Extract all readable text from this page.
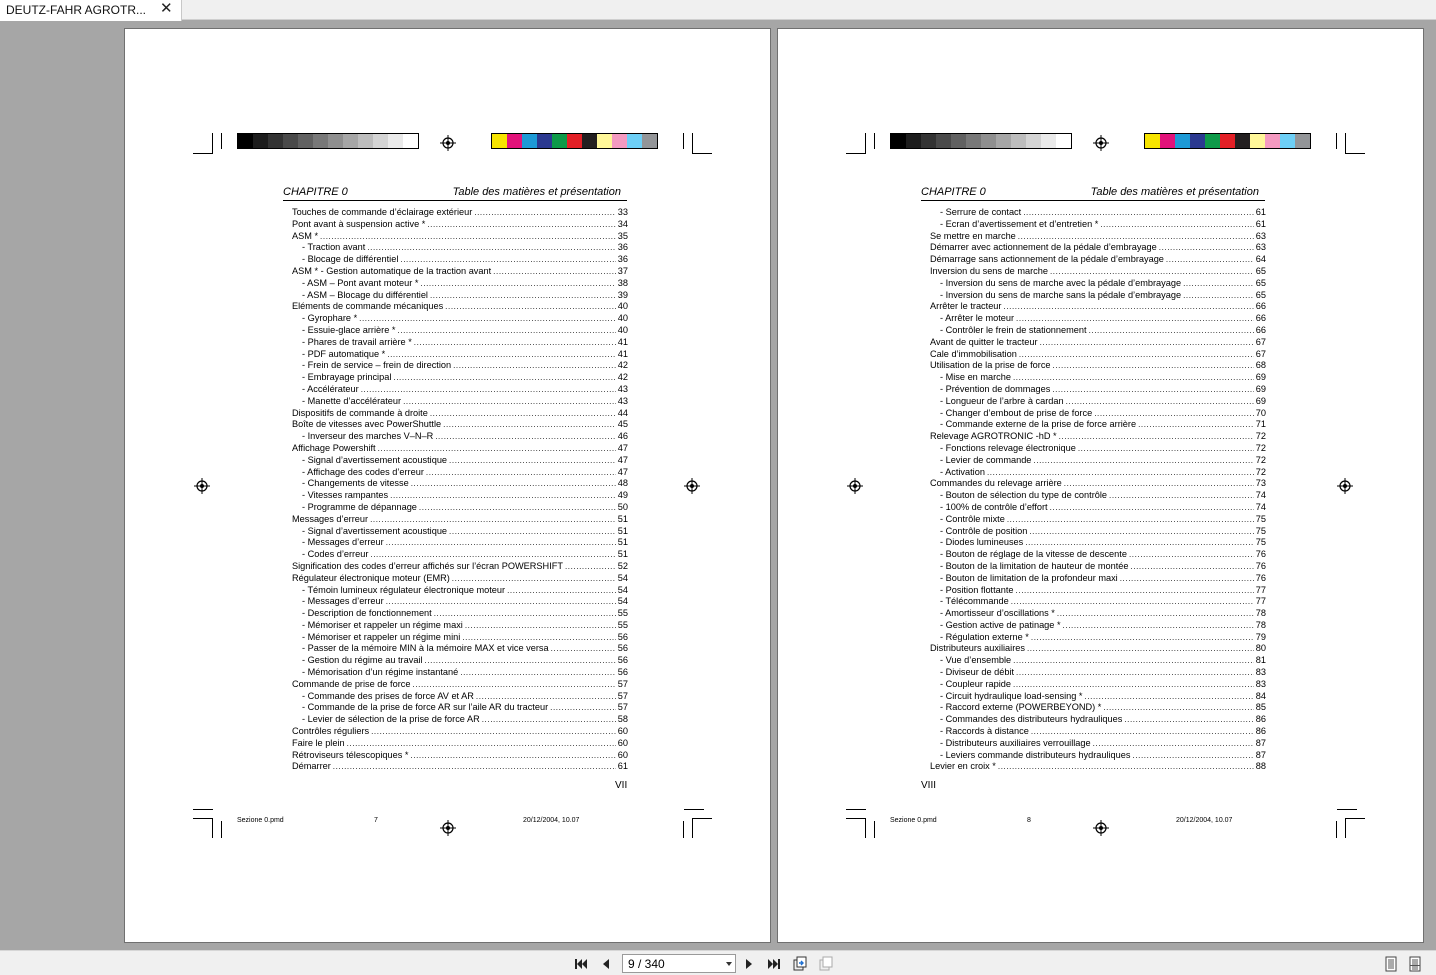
DEUTZ-FAHR AGROTR... ✕
CHAPITRE 0	Table des matières et présentation
Touches de commande d’éclairage extérieur .....	33
Pont avant à suspension active * .....	34
ASM * .....	35
- Traction avant .....	36
- Blocage de différentiel .....	36
ASM * - Gestion automatique de la traction avant .....	37
- ASM – Pont avant moteur * .....	38
- ASM – Blocage du différentiel .....	39
Eléments de commande mécaniques .....	40
- Gyrophare * .....	40
- Essuie-glace arrière * .....	40
- Phares de travail arrière * .....	41
- PDF automatique * .....	41
- Frein de service – frein de direction .....	42
- Embrayage principal .....	42
- Accélérateur .....	43
- Manette d’accélérateur .....	43
Dispositifs de commande à droite .....	44
Boîte de vitesses avec PowerShuttle .....	45
- Inverseur des marches V–N–R .....	46
Affichage Powershift .....	47
- Signal d’avertissement acoustique .....	47
- Affichage des codes d’erreur .....	47
- Changements de vitesse .....	48
- Vitesses rampantes .....	49
- Programme de dépannage .....	50
Messages d’erreur .....	51
- Signal d’avertissement acoustique .....	51
- Messages d’erreur .....	51
- Codes d’erreur .....	51
Signification des codes d’erreur affichés sur l’écran POWERSHIFT .....	52
Régulateur électronique moteur (EMR) .....	54
- Témoin lumineux régulateur électronique moteur .....	54
- Messages d’erreur .....	54
- Description de fonctionnement .....	55
- Mémoriser et rappeler un régime maxi .....	55
- Mémoriser et rappeler un régime mini .....	56
- Passer de la mémoire MIN à la mémoire MAX et vice versa .....	56
- Gestion du régime au travail .....	56
- Mémorisation d’un régime instantané .....	56
Commande de prise de force .....	57
- Commande des prises de force AV et AR .....	57
- Commande de la prise de force AR sur l’aile AR du tracteur .....	57
- Levier de sélection de la prise de force AR .....	58
Contrôles réguliers .....	60
Faire le plein .....	60
Rétroviseurs télescopiques * .....	60
Démarrer .....	61
VII
Sezione 0.pmd	7	20/12/2004, 10.07
CHAPITRE 0	Table des matières et présentation
- Serrure de contact .....	61
- Ecran d’avertissement et d’entretien * .....	61
Se mettre en marche .....	63
Démarrer avec actionnement de la pédale d’embrayage .....	63
Démarrage sans actionnement de la pédale d’embrayage .....	64
Inversion du sens de marche .....	65
- Inversion du sens de marche avec la pédale d’embrayage .....	65
- Inversion du sens de marche sans la pédale d’embrayage .....	65
Arrêter le tracteur .....	66
- Arrêter le moteur .....	66
- Contrôler le frein de stationnement .....	66
Avant de quitter le tracteur .....	67
Cale d’immobilisation .....	67
Utilisation de la prise de force .....	68
- Mise en marche .....	69
- Prévention de dommages .....	69
- Longueur de l’arbre à cardan .....	69
- Changer d’embout de prise de force .....	70
- Commande externe de la prise de force arrière .....	71
Relevage AGROTRONIC -hD * .....	72
- Fonctions relevage électronique .....	72
- Levier de commande .....	72
- Activation .....	72
Commandes du relevage arrière .....	73
- Bouton de sélection du type de contrôle .....	74
- 100% de contrôle d’effort .....	74
- Contrôle mixte .....	75
- Contrôle de position .....	75
- Diodes lumineuses .....	75
- Bouton de réglage de la vitesse de descente .....	76
- Bouton de la limitation de hauteur de montée .....	76
- Bouton de limitation de la profondeur maxi .....	76
- Position flottante .....	77
- Télécommande .....	77
- Amortisseur d’oscillations * .....	78
- Gestion active de patinage * .....	78
- Régulation externe * .....	79
Distributeurs auxiliaires .....	80
- Vue d’ensemble .....	81
- Diviseur de débit .....	83
- Coupleur rapide .....	83
- Circuit hydraulique load-sensing * .....	84
- Raccord externe (POWERBEYOND) * .....	85
- Commandes des distributeurs hydrauliques .....	86
- Raccords à distance .....	86
- Distributeurs auxiliaires verrouillage .....	87
- Leviers commande distributeurs hydrauliques .....	87
Levier en croix * .....	88
VIII
Sezione 0.pmd	8	20/12/2004, 10.07
9 / 340
